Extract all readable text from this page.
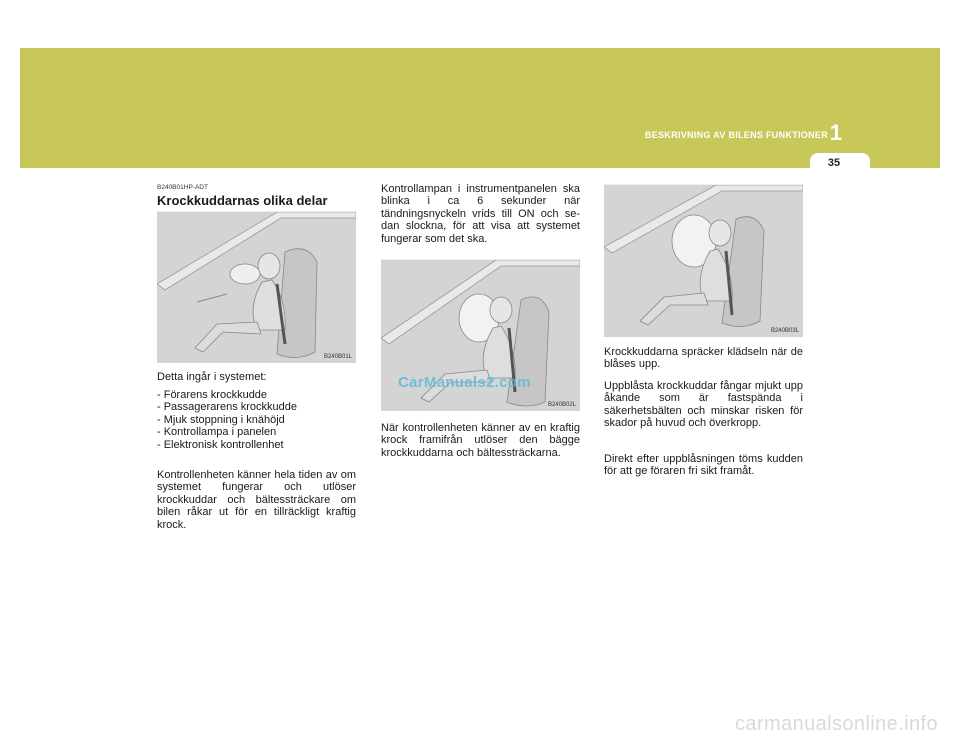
BESKRIVNING AV BILENS FUNKTIONER 1
35
B240B01HP-ADT
Krockkuddarnas olika delar
B240B01L
Detta ingår i systemet:
- Förarens krockkudde
- Passagerarens krockkudde
- Mjuk stoppning i knähöjd
- Kontrollampa i panelen
- Elektronisk kontrollenhet
Kontrollenheten känner hela tiden av om systemet fungerar och utlöser krockkuddar och bältessträckare om bilen råkar ut för en tillräckligt kraftig krock.
Kontrollampan i instrumentpanelen ska blinka i ca 6 sekunder när tändningsnyckeln vrids till ON och se-dan slockna, för att visa att systemet fungerar som det ska.
B240B02L
CarManuals2.com
När kontrollenheten känner av en kraftig krock framifrån utlöser den bägge krockkuddarna och bältessträckarna.
B240B03L
Krockkuddarna spräcker klädseln när de blåses upp.
Uppblåsta krockkuddar fångar mjukt upp åkande som är fastspända i säkerhetsbälten och minskar risken för skador på huvud och överkropp.
Direkt efter uppblåsningen töms kudden för att ge föraren fri sikt framåt.
carmanualsonline.info
